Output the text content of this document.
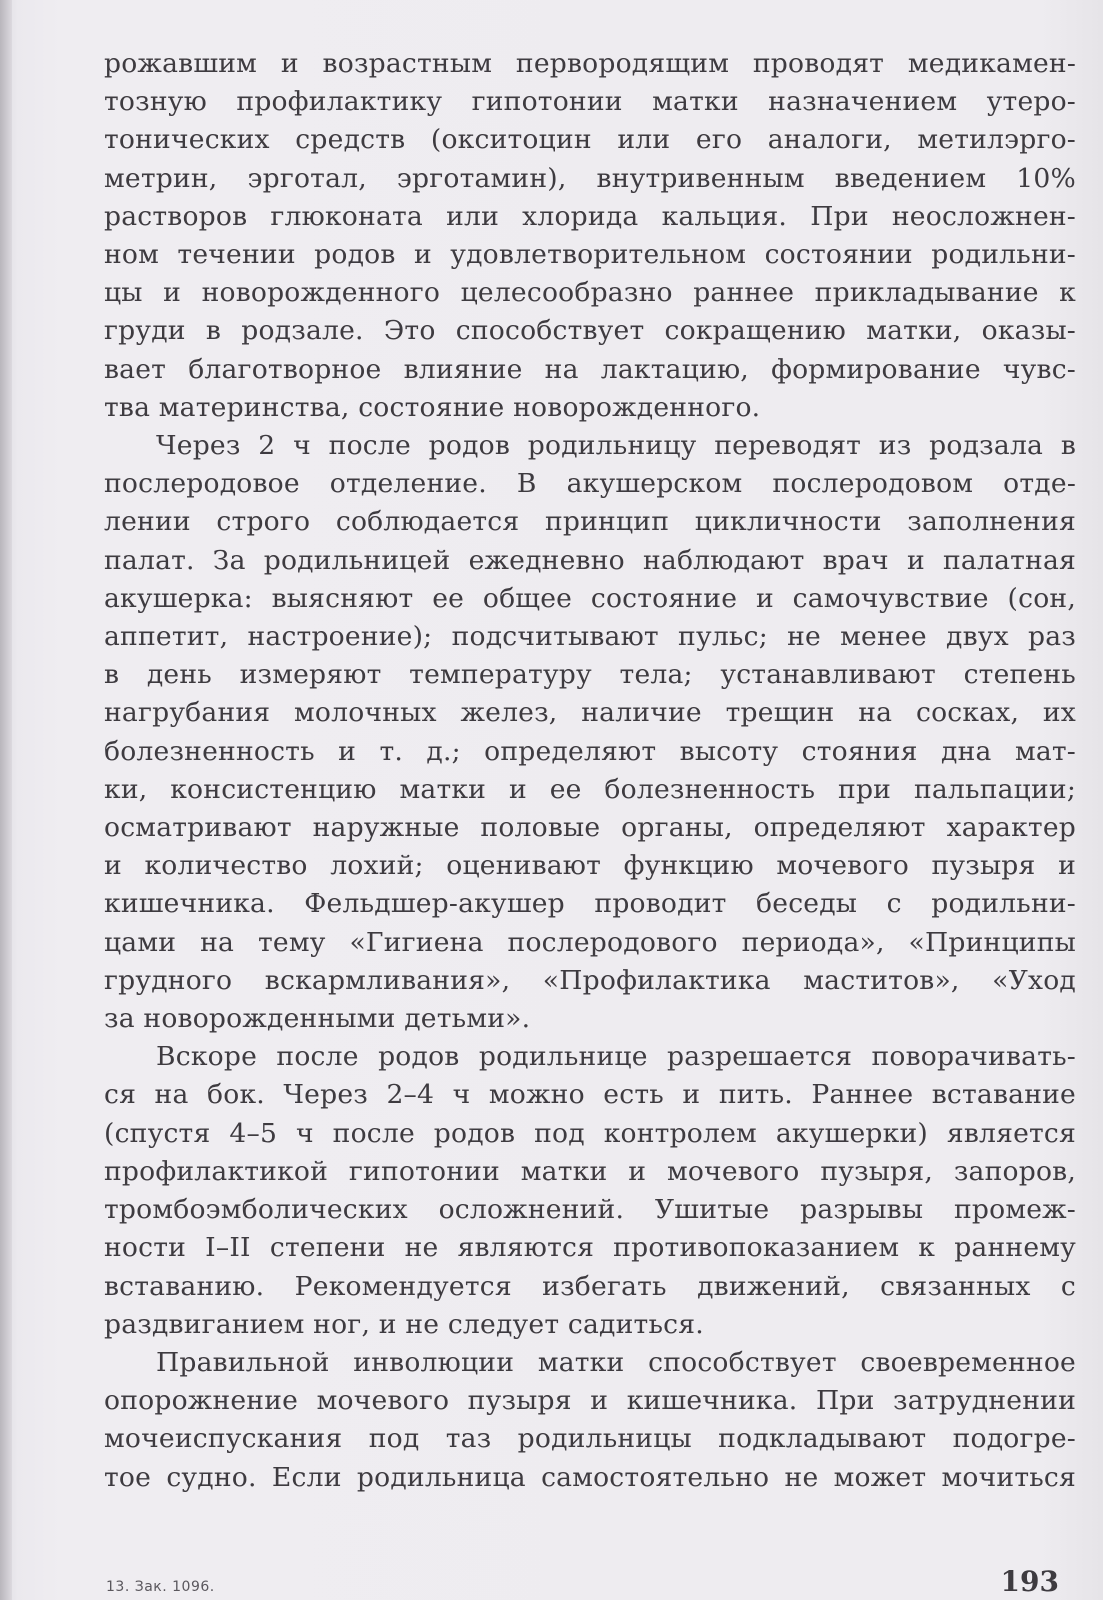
рожавшим и возрастным первородящим проводят медикамен-
тозную профилактику гипотонии матки назначением утеро-
тонических средств (окситоцин или его аналоги, метилэрго-
метрин, эрготал, эрготамин), внутривенным введением 10%
растворов глюконата или хлорида кальция. При неосложнен-
ном течении родов и удовлетворительном состоянии родильни-
цы и новорожденного целесообразно раннее прикладывание к
груди в родзале. Это способствует сокращению матки, оказы-
вает благотворное влияние на лактацию, формирование чувс-
тва материнства, состояние новорожденного.

Через 2 ч после родов родильницу переводят из родзала в
послеродовое отделение. В акушерском послеродовом отде-
лении строго соблюдается принцип цикличности заполнения
палат. За родильницей ежедневно наблюдают врач и палатная
акушерка: выясняют ее общее состояние и самочувствие (сон,
аппетит, настроение); подсчитывают пульс; не менее двух раз
в день измеряют температуру тела; устанавливают степень
нагрубания молочных желез, наличие трещин на сосках, их
болезненность и т. д.; определяют высоту стояния дна мат-
ки, консистенцию матки и ее болезненность при пальпации;
осматривают наружные половые органы, определяют характер
и количество лохий; оценивают функцию мочевого пузыря и
кишечника. Фельдшер-акушер проводит беседы с родильни-
цами на тему «Гигиена послеродового периода», «Принципы
грудного вскармливания», «Профилактика маститов», «Уход
за новорожденными детьми».

Вскоре после родов родильнице разрешается поворачивать-
ся на бок. Через 2–4 ч можно есть и пить. Раннее вставание
(спустя 4–5 ч после родов под контролем акушерки) является
профилактикой гипотонии матки и мочевого пузыря, запоров,
тромбоэмболических осложнений. Ушитые разрывы промеж-
ности I–II степени не являются противопоказанием к раннему
вставанию. Рекомендуется избегать движений, связанных с
раздвиганием ног, и не следует садиться.

Правильной инволюции матки способствует своевременное
опорожнение мочевого пузыря и кишечника. При затруднении
мочеиспускания под таз родильницы подкладывают подогре-
тое судно. Если родильница самостоятельно не может мочиться

13. Зак. 1096.	193
